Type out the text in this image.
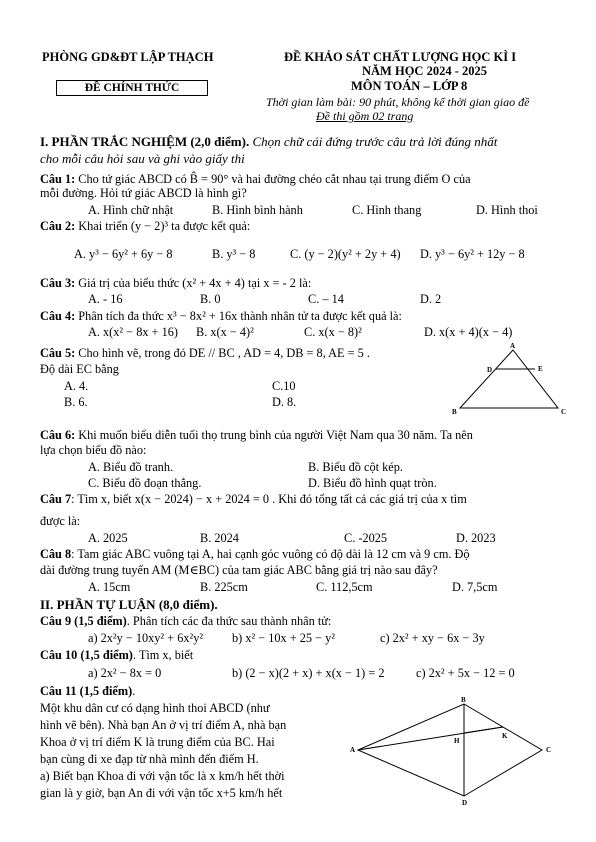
PHÒNG GD&ĐT LẬP THẠCH	ĐỀ KHẢO SÁT CHẤT LƯỢNG HỌC KÌ I
NĂM HỌC 2024 - 2025
MÔN TOÁN – LỚP 8
ĐỀ CHÍNH THỨC
Thời gian làm bài: 90 phút, không kể thời gian giao đề
Đề thi gồm 02 trang
I. PHẦN TRẮC NGHIỆM (2,0 điểm). Chọn chữ cái đứng trước câu trả lời đúng nhất
cho mỗi câu hỏi sau và ghi vào giấy thi
Câu 1: Cho tứ giác ABCD có B̂ = 90° và hai đường chéo cắt nhau tại trung điểm O của
mỗi đường. Hỏi tứ giác ABCD là hình gì?
A. Hình chữ nhật	B. Hình bình hành	C. Hình thang	D. Hình thoi
Câu 2: Khai triển (y − 2)³ ta được kết quả:
A. y³ − 6y² + 6y − 8	B. y³ − 8	C. (y − 2)(y² + 2y + 4) D. y³ − 6y² + 12y − 8
Câu 3: Giá trị của biểu thức (x² + 4x + 4) tại x = - 2 là:
A. - 16	B. 0	C. – 14	D. 2
Câu 4: Phân tích đa thức x³ − 8x² + 16x thành nhân tử ta được kết quả là:
A. x(x² − 8x + 16) B. x(x − 4)²	C. x(x − 8)²	D. x(x + 4)(x − 4)
Câu 5: Cho hình vẽ, trong đó DE // BC , AD = 4, DB = 8, AE = 5 .
Độ dài EC bằng
A. 4.
B. 6.
C.10
D. 8.
A
D	E
B	C
Câu 6: Khi muốn biểu diễn tuổi thọ trung bình của người Việt Nam qua 30 năm. Ta nên
lựa chọn biểu đồ nào:
A. Biểu đồ tranh.	B. Biểu đồ cột kép.
C. Biểu đồ đoạn thẳng.	D. Biểu đồ hình quạt tròn.
Câu 7: Tìm x, biết x(x − 2024) − x + 2024 = 0 . Khi đó tổng tất cả các giá trị của x tìm
được là:
A. 2025	B. 2024	C. -2025	D. 2023
Câu 8: Tam giác ABC vuông tại A, hai cạnh góc vuông có độ dài là 12 cm và 9 cm. Độ
dài đường trung tuyến AM (M∈BC) của tam giác ABC bằng giá trị nào sau đây?
A. 15cm	B. 225cm	C. 112,5cm	D. 7,5cm
II. PHẦN TỰ LUẬN (8,0 điểm).
Câu 9 (1,5 điểm). Phân tích các đa thức sau thành nhân tử:
a) 2x²y − 10xy² + 6x²y² b) x² − 10x + 25 − y²	c) 2x² + xy − 6x − 3y
Câu 10 (1,5 điểm). Tìm x, biết
a) 2x² − 8x = 0	b) (2 − x)(2 + x) + x(x − 1) = 2	c) 2x² + 5x − 12 = 0
Câu 11 (1,5 điểm).
Một khu dân cư có dạng hình thoi ABCD (như
hình vẽ bên). Nhà bạn An ở vị trí điểm A, nhà bạn
Khoa ở vị trí điểm K là trung điểm của BC. Hai
bạn cùng đi xe đạp từ nhà mình đến điểm H.
a) Biết bạn Khoa đi với vận tốc là x km/h hết thời
gian là y giờ, bạn An đi với vận tốc x+5 km/h hết
B
A	C
D
H
K
